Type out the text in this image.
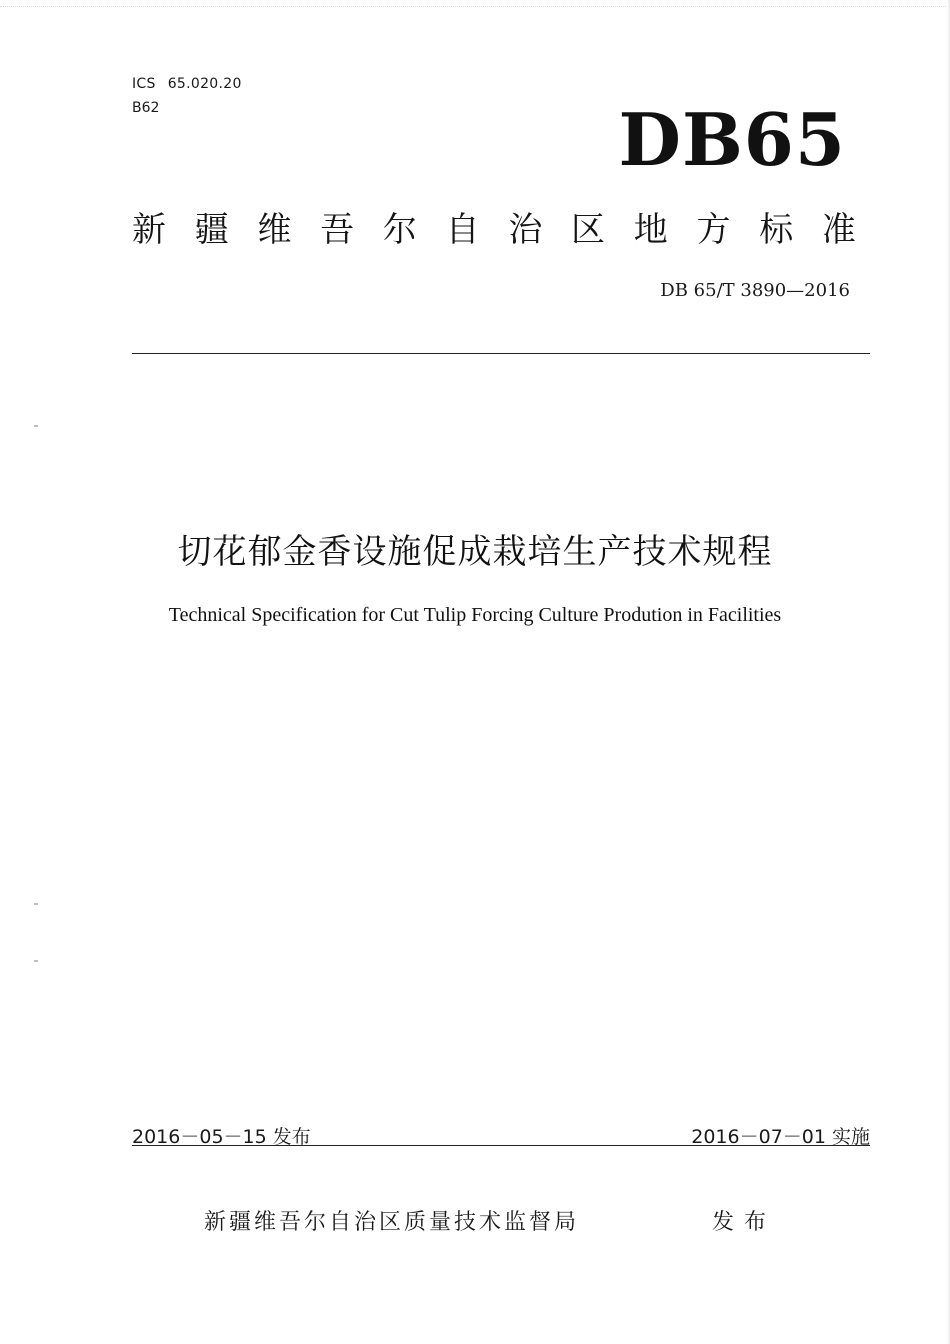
ICS 65.020.20
B62	DB65
新 疆 维 吾 尔 自 治 区 地 方 标 准
DB 65/T 3890—2016
切花郁金香设施促成栽培生产技术规程
Technical Specification for Cut Tulip Forcing Culture Prodution in Facilities
2016－05－15 发布	2016－07－01 实施
新疆维吾尔自治区质量技术监督局	发布
